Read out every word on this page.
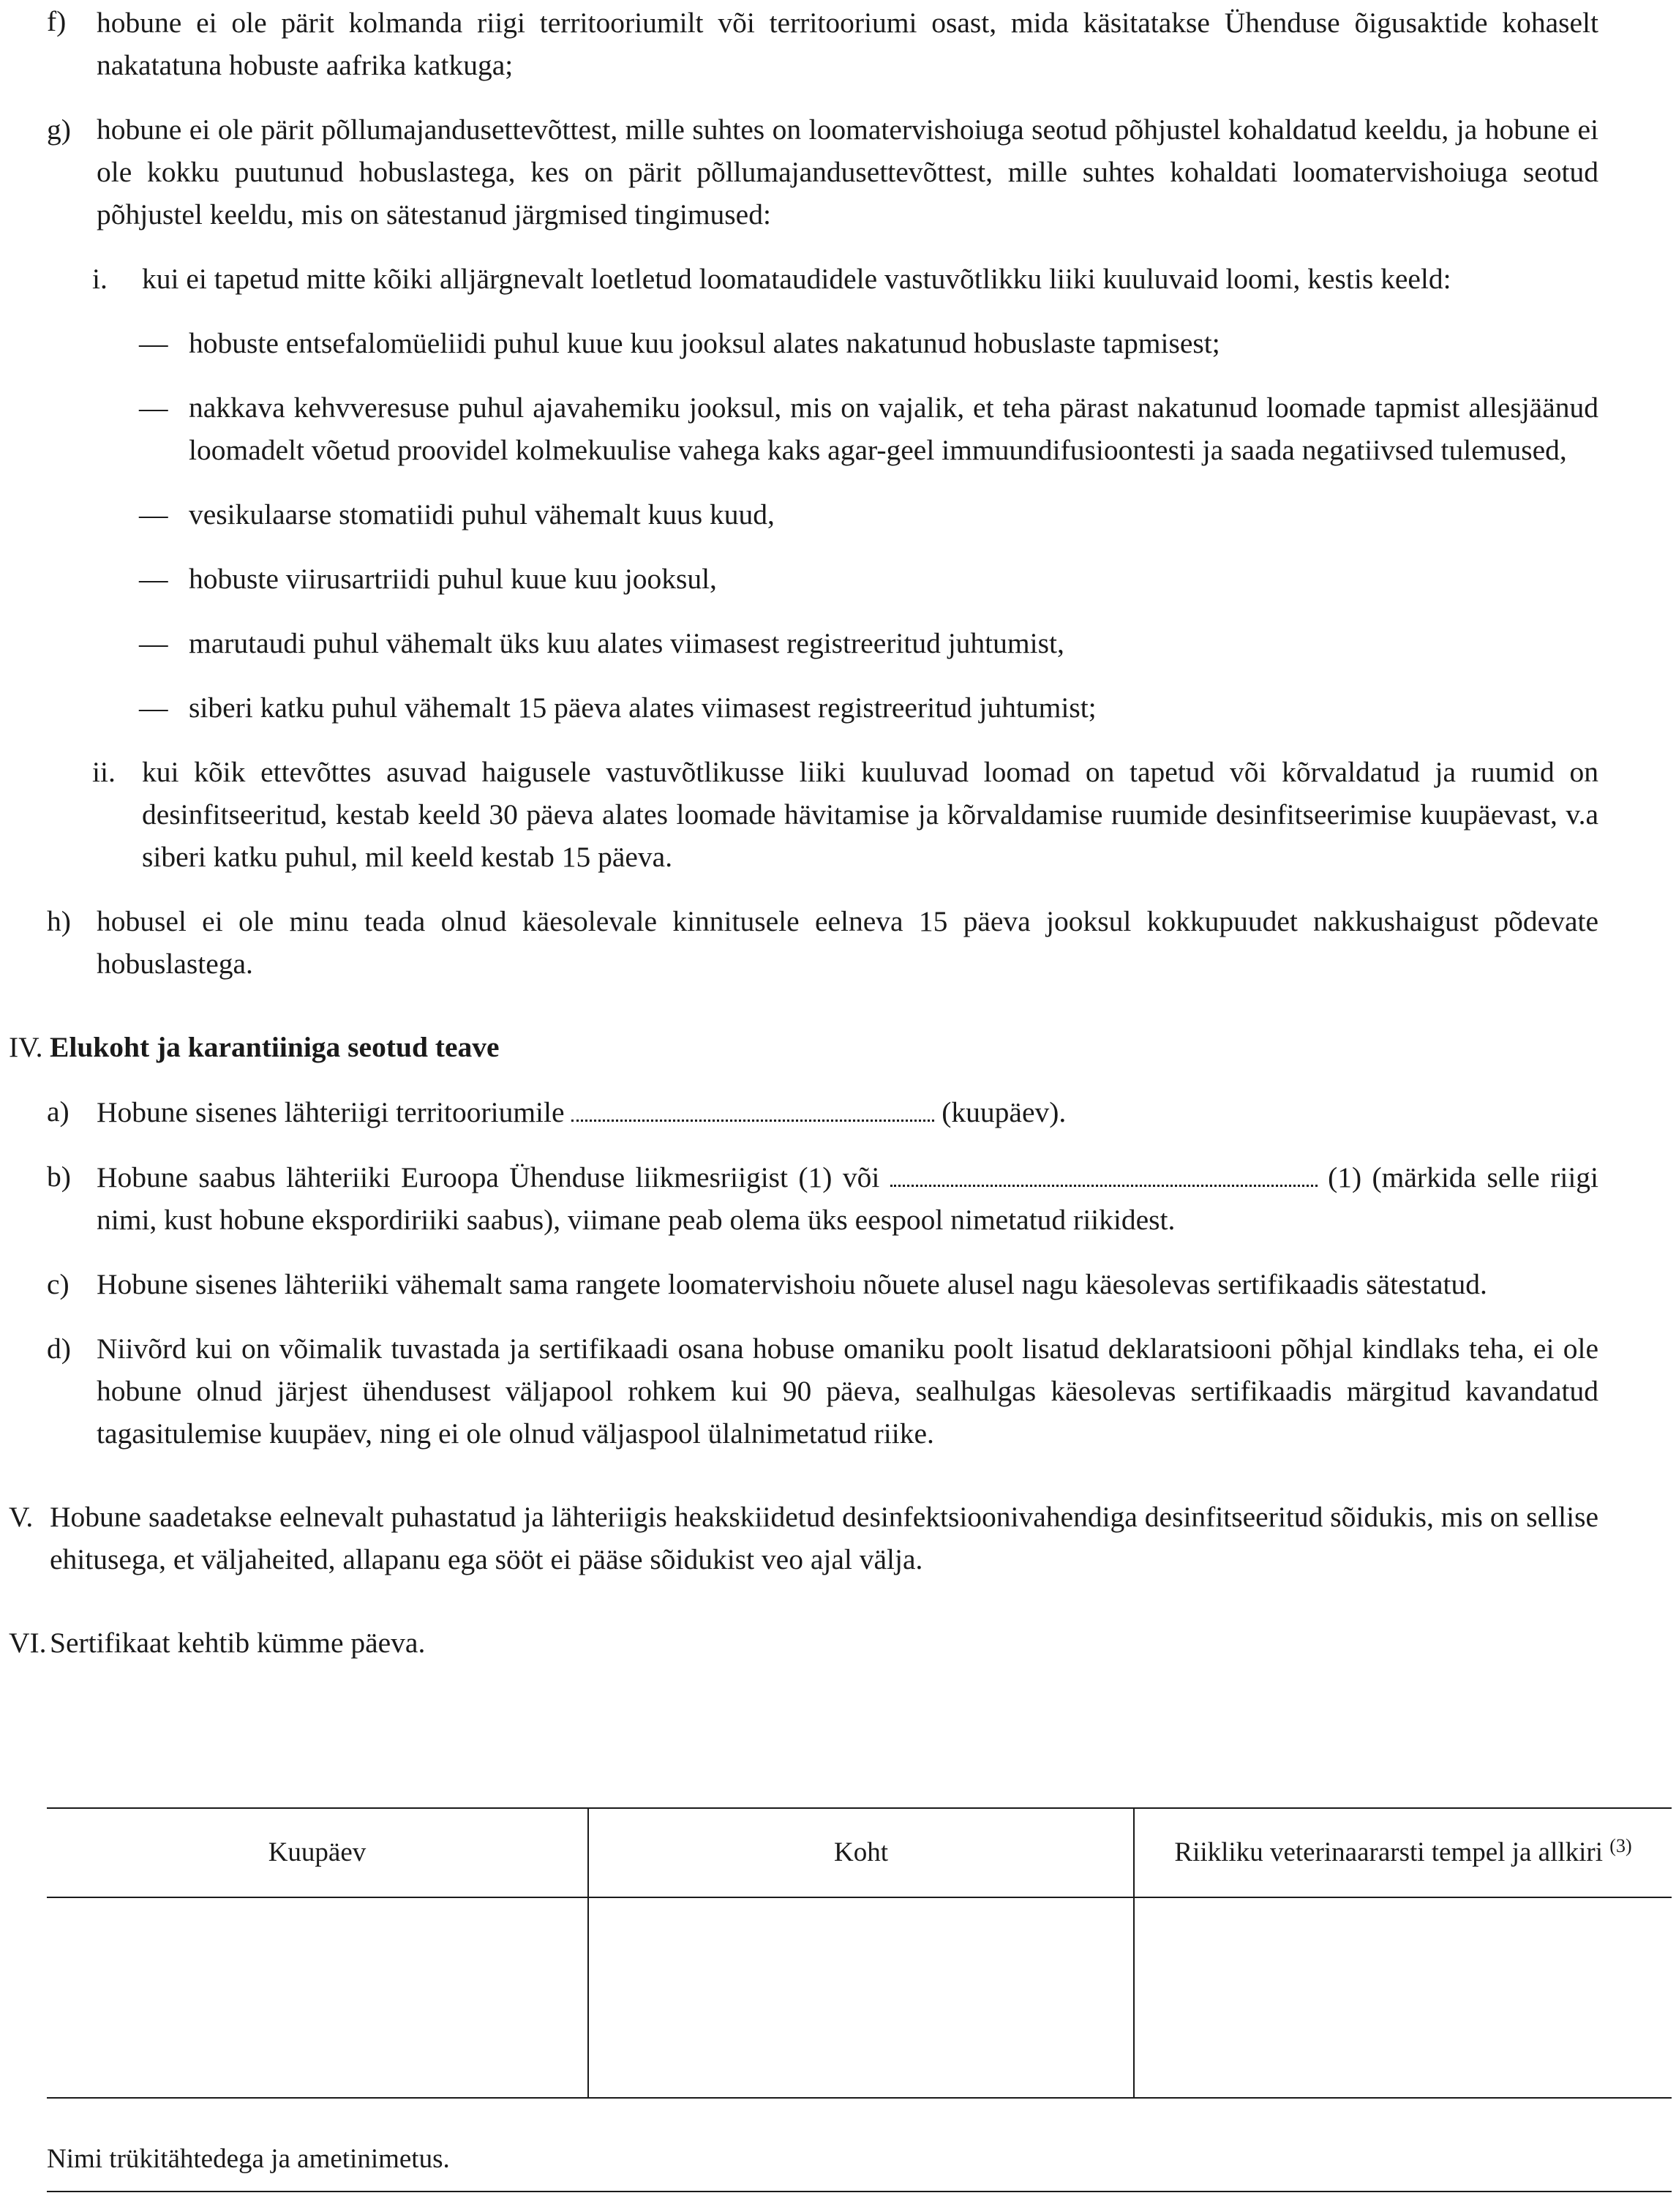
f) hobune ei ole pärit kolmanda riigi territooriumilt või territooriumi osast, mida käsitatakse Ühenduse õigusaktide kohaselt nakatatuna hobuste aafrika katkuga;
g) hobune ei ole pärit põllumajandusettevõttest, mille suhtes on loomatervishoiuga seotud põhjustel kohaldatud keeldu, ja hobune ei ole kokku puutunud hobuslastega, kes on pärit põllumajandusettevõttest, mille suhtes kohaldati loomatervishoiuga seotud põhjustel keeldu, mis on sätestanud järgmised tingimused:
i. kui ei tapetud mitte kõiki alljärgnevalt loetletud loomataudidele vastuvõtlikku liiki kuuluvaid loomi, kestis keeld:
— hobuste entsefalomüeliidi puhul kuue kuu jooksul alates nakatunud hobuslaste tapmisest;
— nakkava kehvveresuse puhul ajavahemiku jooksul, mis on vajalik, et teha pärast nakatunud loomade tapmist allesjäänud loomadelt võetud proovidel kolmekuulise vahega kaks agar-geel immuundifusioontesti ja saada negatiivsed tulemused,
— vesikulaarse stomatiidi puhul vähemalt kuus kuud,
— hobuste viirusartriidi puhul kuue kuu jooksul,
— marutaudi puhul vähemalt üks kuu alates viimasest registreeritud juhtumist,
— siberi katku puhul vähemalt 15 päeva alates viimasest registreeritud juhtumist;
ii. kui kõik ettevõttes asuvad haigusele vastuvõtlikusse liiki kuuluvad loomad on tapetud või kõrvaldatud ja ruumid on desinfitseeritud, kestab keeld 30 päeva alates loomade hävitamise ja kõrvaldamise ruumide desinfitseerimise kuupäevast, v.a siberi katku puhul, mil keeld kestab 15 päeva.
h) hobusel ei ole minu teada olnud käesolevale kinnitusele eelneva 15 päeva jooksul kokkupuudet nakkushaigust põdevate hobuslastega.
IV. Elukoht ja karantiiniga seotud teave
a) Hobune sisenes lähteriigi territooriumile	(kuupäev).
b) Hobune saabus lähteriiki Euroopa Ühenduse liikmesriigist (1) või	(1) (märkida selle riigi nimi, kust hobune ekspordiriiki saabus), viimane peab olema üks eespool nimetatud riikidest.
c) Hobune sisenes lähteriiki vähemalt sama rangete loomatervishoiu nõuete alusel nagu käesolevas sertifikaadis sätestatud.
d) Niivõrd kui on võimalik tuvastada ja sertifikaadi osana hobuse omaniku poolt lisatud deklaratsiooni põhjal kindlaks teha, ei ole hobune olnud järjest ühendusest väljapool rohkem kui 90 päeva, sealhulgas käesolevas sertifikaadis märgitud kavandatud tagasitulemise kuupäev, ning ei ole olnud väljaspool ülalnimetatud riike.
V. Hobune saadetakse eelnevalt puhastatud ja lähteriigis heakskiidetud desinfektsioonivahendiga desinfitseeritud sõidukis, mis on sellise ehitusega, et väljaheited, allapanu ega sööt ei pääse sõidukist veo ajal välja.
VI. Sertifikaat kehtib kümme päeva.
Kuupäev	Koht	Riikliku veterinaararsti tempel ja allkiri $^{(3)}$

Nimi trükitähtedega ja ametinimetus.		
